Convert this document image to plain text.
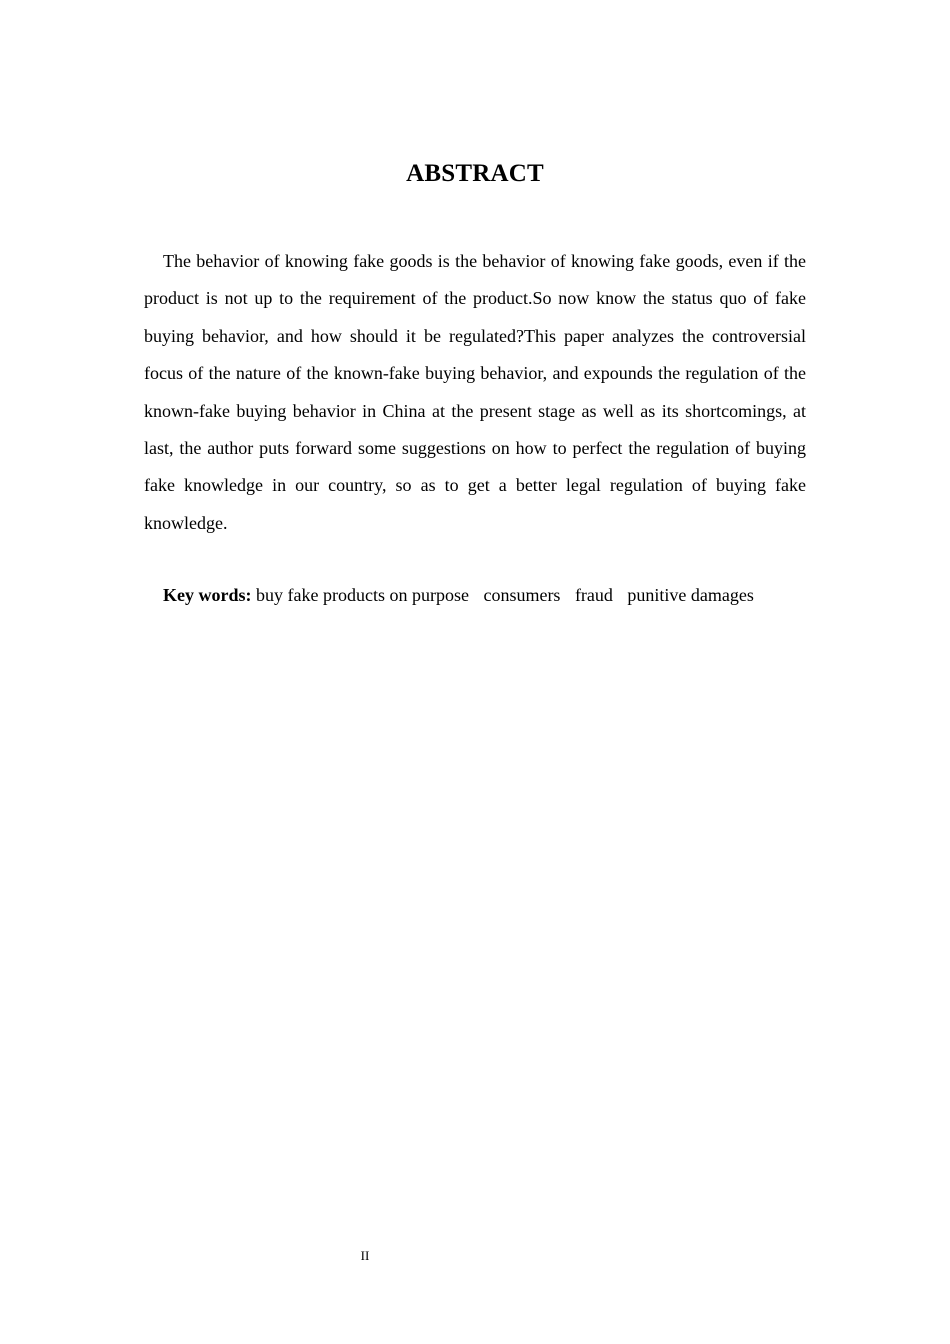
ABSTRACT

The behavior of knowing fake goods is the behavior of knowing fake goods, even if the product is not up to the requirement of the product.So now know the status quo of fake buying behavior, and how should it be regulated?This paper analyzes the controversial focus of the nature of the known-fake buying behavior, and expounds the regulation of the known-fake buying behavior in China at the present stage as well as its shortcomings, at last, the author puts forward some suggestions on how to perfect the regulation of buying fake knowledge in our country, so as to get a better legal regulation of buying fake knowledge.

Key words: buy fake products on purpose consumers fraud punitive damages
II
